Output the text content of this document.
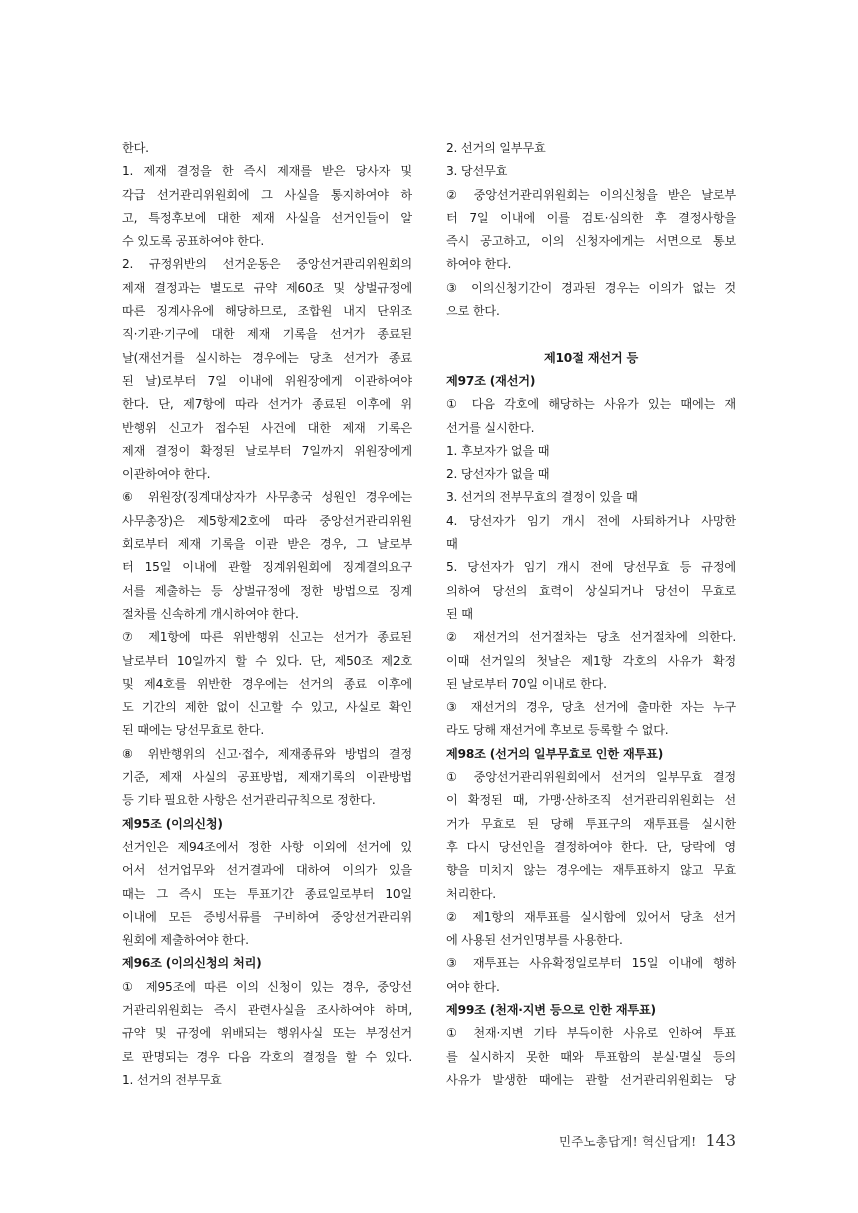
한다.
1. 제재 결정을 한 즉시 제재를 받은 당사자 및
각급 선거관리위원회에 그 사실을 통지하여야 하
고, 특정후보에 대한 제재 사실을 선거인들이 알
수 있도록 공표하여야 한다.
2. 규정위반의 선거운동은 중앙선거관리위원회의
제재 결정과는 별도로 규약 제60조 및 상벌규정에
따른 징계사유에 해당하므로, 조합원 내지 단위조
직·기관·기구에 대한 제재 기록을 선거가 종료된
날(재선거를 실시하는 경우에는 당초 선거가 종료
된 날)로부터 7일 이내에 위원장에게 이관하여야
한다. 단, 제7항에 따라 선거가 종료된 이후에 위
반행위 신고가 접수된 사건에 대한 제재 기록은
제재 결정이 확정된 날로부터 7일까지 위원장에게
이관하여야 한다.
⑥ 위원장(징계대상자가 사무총국 성원인 경우에는
사무총장)은 제5항제2호에 따라 중앙선거관리위원
회로부터 제재 기록을 이관 받은 경우, 그 날로부
터 15일 이내에 관할 징계위원회에 징계결의요구
서를 제출하는 등 상벌규정에 정한 방법으로 징계
절차를 신속하게 개시하여야 한다.
⑦ 제1항에 따른 위반행위 신고는 선거가 종료된
날로부터 10일까지 할 수 있다. 단, 제50조 제2호
및 제4호를 위반한 경우에는 선거의 종료 이후에
도 기간의 제한 없이 신고할 수 있고, 사실로 확인
된 때에는 당선무효로 한다.
⑧ 위반행위의 신고·접수, 제재종류와 방법의 결정
기준, 제재 사실의 공표방법, 제재기록의 이관방법
등 기타 필요한 사항은 선거관리규칙으로 정한다.
제95조 (이의신청)
선거인은 제94조에서 정한 사항 이외에 선거에 있
어서 선거업무와 선거결과에 대하여 이의가 있을
때는 그 즉시 또는 투표기간 종료일로부터 10일
이내에 모든 증빙서류를 구비하여 중앙선거관리위
원회에 제출하여야 한다.
제96조 (이의신청의 처리)
① 제95조에 따른 이의 신청이 있는 경우, 중앙선
거관리위원회는 즉시 관련사실을 조사하여야 하며,
규약 및 규정에 위배되는 행위사실 또는 부정선거
로 판명되는 경우 다음 각호의 결정을 할 수 있다.
1. 선거의 전부무효
2. 선거의 일부무효
3. 당선무효
② 중앙선거관리위원회는 이의신청을 받은 날로부
터 7일 이내에 이를 검토·심의한 후 결정사항을
즉시 공고하고, 이의 신청자에게는 서면으로 통보
하여야 한다.
③ 이의신청기간이 경과된 경우는 이의가 없는 것
으로 한다.
제10절 재선거 등
제97조 (재선거)
① 다음 각호에 해당하는 사유가 있는 때에는 재
선거를 실시한다.
1. 후보자가 없을 때
2. 당선자가 없을 때
3. 선거의 전부무효의 결정이 있을 때
4. 당선자가 임기 개시 전에 사퇴하거나 사망한
때
5. 당선자가 임기 개시 전에 당선무효 등 규정에
의하여 당선의 효력이 상실되거나 당선이 무효로
된 때
② 재선거의 선거절차는 당초 선거절차에 의한다.
이때 선거일의 첫날은 제1항 각호의 사유가 확정
된 날로부터 70일 이내로 한다.
③ 재선거의 경우, 당초 선거에 출마한 자는 누구
라도 당해 재선거에 후보로 등록할 수 없다.
제98조 (선거의 일부무효로 인한 재투표)
① 중앙선거관리위원회에서 선거의 일부무효 결정
이 확정된 때, 가맹·산하조직 선거관리위원회는 선
거가 무효로 된 당해 투표구의 재투표를 실시한
후 다시 당선인을 결정하여야 한다. 단, 당락에 영
향을 미치지 않는 경우에는 재투표하지 않고 무효
처리한다.
② 제1항의 재투표를 실시함에 있어서 당초 선거
에 사용된 선거인명부를 사용한다.
③ 재투표는 사유확정일로부터 15일 이내에 행하
여야 한다.
제99조 (천재·지변 등으로 인한 재투표)
① 천재·지변 기타 부득이한 사유로 인하여 투표
를 실시하지 못한 때와 투표함의 분실·멸실 등의
사유가 발생한 때에는 관할 선거관리위원회는 당
민주노총답게! 혁신답게! 143
